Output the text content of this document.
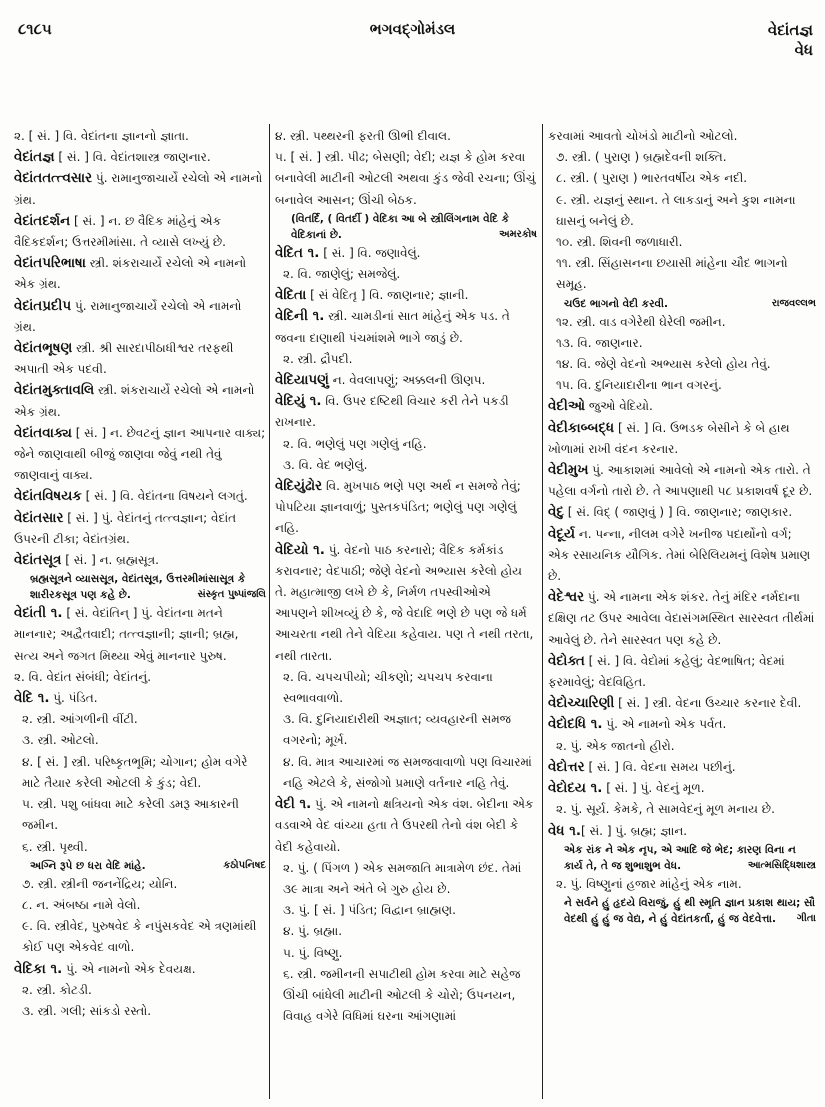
૮૧૮૫	ભગવદ્ગોમંડલ	વેદાંતજ્ઞ
વેધ
૨. [ સં. ] વિ. વેદાંતના જ્ઞાનનો જ્ઞાતા.
વેદાંતજ્ઞ [ સં. ] વિ. વેદાંતશાસ્ત્ર જાણનાર.
વેદાંતતત્ત્વસાર પું. રામાનુજાચાર્યે રચેલો એ નામનો ગ્રંથ.
વેદાંતદર્શન [ સં. ] ન. છ વૈદિક માંહેનું એક વૈદિકદર્શન; ઉત્તરમીમાંસા. તે વ્યાસે લખ્યું છે.
વેદાંતપરિભાષા સ્ત્રી. શંકરાચાર્યે રચેલો એ નામનો એક ગ્રંથ.
વેદાંતપ્રદીપ પું. રામાનુજાચાર્યે રચેલો એ નામનો ગ્રંથ.
વેદાંતભૂષણ સ્ત્રી. શ્રી સારદાપીઠાધીશ્વર તરફથી અપાતી એક પદવી.
વેદાંતમુક્તાવલિ સ્ત્રી. શંકરાચાર્યે રચેલો એ નામનો એક ગ્રંથ.
વેદાંતવાક્ય [ સં. ] ન. છેવટનું જ્ઞાન આપનાર વાક્ય; જેને જાણવાથી બીજું જાણવા જેવું નથી તેવું જાણવાનું વાક્ય.
વેદાંતવિષયક [ સં. ] વિ. વેદાંતના વિષયને લગતું.
વેદાંતસાર [ સં. ] પું. વેદાંતનું તત્ત્વજ્ઞાન; વેદાંત ઉપરની ટીકા; વેદાંતગ્રંથ.
વેદાંતસૂત્ર [ સં. ] ન. બ્રહ્મસૂત્ર.
બ્રહ્મસૂત્રને વ્યાસસૂત્ર, વેદાંતસૂત્ર, ઉત્તરમીમાંસાસૂત્ર કે શારીરકસૂત્ર પણ કહે છે.	સંસ્કૃત પુષ્પાંજલિ
વેદાંતી ૧. [ સં. વેદાંતિન્ ] પું. વેદાંતના મતને માનનાર; અદ્વૈતવાદી; તત્ત્વજ્ઞાની; જ્ઞાની; બ્રહ્મ, સત્ય અને જગત મિથ્યા એવું માનનાર પુરુષ.
૨. વિ. વેદાંત સંબંધી; વેદાંતનું.
વેદિ ૧. પું. પંડિત.
૨. સ્ત્રી. આંગળીની વીંટી.
૩. સ્ત્રી. ઓટલો.
૪. [ સં. ] સ્ત્રી. પરિષ્કૃતભૂમિ; ચોગાન; હોમ વગેરે માટે તૈયાર કરેલી ઓટલી કે કુંડ; વેદી.
૫. સ્ત્રી. પશુ બાંધવા માટે કરેલી ડમરૂ આકારની જમીન.
૬. સ્ત્રી. પૃથ્વી.
અગ્નિ રૂપે છ ધરા વેદિ માંહે.	કઠોપનિષદ
૭. સ્ત્રી. સ્ત્રીની જનનેંદ્રિય; યોનિ.
૮. ન. અંબષ્ઠા નામે વેલો.
૯. વિ. સ્ત્રીવેદ, પુરુષવેદ કે નપુંસકવેદ એ ત્રણમાંથી કોઈ પણ એકવેદ વાળો.
વેદિકા ૧. પું. એ નામનો એક દેવયક્ષ.
૨. સ્ત્રી. કોટડી.
૩. સ્ત્રી. ગલી; સાંકડો રસ્તો.
૪. સ્ત્રી. પથ્થરની ફરતી ઊભી દીવાલ.
૫. [ સં. ] સ્ત્રી. પીઢ; બેસણી; વેદી; યજ્ઞ કે હોમ કરવા બનાવેલી માટીની ઓટલી અથવા કુંડ જેવી રચના; ઊંચું બનાવેલ આસન; ઊંચી બેઠક.
(વિતર્દિ, ( વિતર્દી ) વેદિકા આ બે સ્ત્રીલિંગનામ વેદિ કે વેદિકાનાં છે.	અમરકોષ
વેદિત ૧. [ સં. ] વિ. જણાવેલું.
૨. વિ. જાણેલું; સમજેલું.
વેદિતા [ સં વેદિતૃ ] વિ. જાણનાર; જ્ઞાની.
વેદિની ૧. સ્ત્રી. ચામડીનાં સાત માંહેનું એક પડ. તે જવના દાણાથી પંચમાંશમે ભાગે જાડું છે.
૨. સ્ત્રી. દ્રૌપદી.
વેદિયાપણું ન. વેવલાપણું; અક્કલની ઊણપ.
વેદિયું ૧. વિ. ઉપર દષ્ટિથી વિચાર કરી તેને પકડી રાખનાર.
૨. વિ. ભણેલું પણ ગણેલું નહિ.
૩. વિ. વેદ ભણેલું.
વેદિયુંઢોર વિ. મુખપાઠ ભણે પણ અર્થ ન સમજે તેવું; પોપટિયા જ્ઞાનવાળું; પુસ્તકપંડિત; ભણેલું પણ ગણેલું નહિ.
વેદિયો ૧. પું. વેદનો પાઠ કરનારો; વૈદિક કર્મકાંડ કરાવનાર; વેદપાઠી; જેણે વેદનો અભ્યાસ કરેલો હોય તે. મહાત્માજી લખે છે કે, નિર્મળ તપસ્વીઓએ આપણને શીખવ્યું છે કે, જે વેદાદિ ભણે છે પણ જે ધર્મ આચરતા નથી તેને વેદિયા કહેવાય. પણ તે નથી તરતા, નથી તારતા.
૨. વિ. ચપચપીયો; ચીકણો; ચપચપ કરવાના સ્વભાવવાળો.
૩. વિ. દુનિયાદારીથી અજ્ઞાત; વ્યવહારની સમજ વગરનો; મૂર્ખ.
૪. વિ. માત્ર આચારમાં જ સમજવાવાળો પણ વિચારમાં નહિ એટલે કે, સંજોગો પ્રમાણે વર્તનાર નહિ તેવું.
વેદી ૧. પું. એ નામનો ક્ષત્રિયનો એક વંશ. બેદીના એક વડવાએ વેદ વાંચ્યા હતા તે ઉપરથી તેનો વંશ બેદી કે વેદી કહેવાયો.
૨. પું. ( પિંગળ ) એક સમજાતિ માત્રામેળ છંદ. તેમાં ૩૯ માત્રા અને અંતે બે ગુરુ હોય છે.
૩. પું. [ સં. ] પંડિત; વિદ્વાન બ્રાહ્મણ.
૪. પું. બ્રહ્મા.
૫. પું. વિષ્ણુ.
૬. સ્ત્રી. જમીનની સપાટીથી હોમ કરવા માટે સહેજ ઊંચી બાંધેલી માટીની ઓટલી કે ચોરો; ઉપનયન, વિવાહ વગેરે વિધિમાં ઘરના આંગણામાં
કરવામાં આવતો ચોખંડો માટીનો ઓટલો.
૭. સ્ત્રી. ( પુરાણ ) બ્રહ્મદેવની શક્તિ.
૮. સ્ત્રી. ( પુરાણ ) ભારતવર્ષીય એક નદી.
૯. સ્ત્રી. યજ્ઞનું સ્થાન. તે લાકડાનું અને કુશ નામના ઘાસનું બનેલું છે.
૧૦. સ્ત્રી. શિવની જળાધારી.
૧૧. સ્ત્રી. સિંહાસનના છયાસી માંહેના ચૌદ ભાગનો સમૂહ.
ચઉદ ભાગનો વેદી કરવી.	રાજવલ્લભ
૧૨. સ્ત્રી. વાડ વગેરેથી ઘેરેલી જમીન.
૧૩. વિ. જાણનાર.
૧૪. વિ. જેણે વેદનો અભ્યાસ કરેલો હોય તેવું.
૧૫. વિ. દુનિયાદારીના ભાન વગરનું.
વેદીઓ જુઓ વેદિયો.
વેદીકાબ્બદ્ધ [ સં. ] વિ. ઉભડક બેસીને કે બે હાથ ખોળામાં રાખી વંદન કરનાર.
વેદીમુખ પું. આકાશમાં આવેલો એ નામનો એક તારો. તે પહેલા વર્ગનો તારો છે. તે આપણાથી ૫૮ પ્રકાશવર્ષ દૂર છે.
વેદુ [ સં. વિદ્ ( જાણવું ) ] વિ. જાણનાર; જાણકાર.
વેદૂર્ય ન. પન્ના, નીલમ વગેરે ખનીજ પદાર્થોનો વર્ગ; એક રસાયનિક યૌગિક. તેમાં બેરિલિયમનું વિશેષ પ્રમાણ છે.
વેદેશ્વર પું. એ નામના એક શંકર. તેનું મંદિર નર્મદાના દક્ષિણ તટ ઉપર આવેલા વેદાસંગમસ્થિત સારસ્વત તીર્થમાં આવેલું છે. તેને સારસ્વત પણ કહે છે.
વેદોક્ત [ સં. ] વિ. વેદોમાં કહેલું; વેદભાષિત; વેદમાં ફરમાવેલું; વેદવિહિત.
વેદોચ્ચારિણી [ સં. ] સ્ત્રી. વેદના ઉચ્ચાર કરનાર દેવી.
વેદોદધિ ૧. પું. એ નામનો એક પર્વત.
૨. પું. એક જાતનો હીરો.
વેદોત્તર [ સં. ] વિ. વેદના સમય પછીનું.
વેદોદય ૧. [ સં. ] પું. વેદનું મૂળ.
૨. પું. સૂર્ય. કેમકે, તે સામવેદનું મૂળ મનાય છે.
વેધ ૧.[ સં. ] પું. બ્રહ્મ; જ્ઞાન.
એક રાંક ને એક નૃપ, એ આદિ જે ભેદ; કારણ વિના ન કાર્ય તે, તે જ શુભાશુભ વેધ.	આત્મસિદ્ધિશાસ્ત્ર
૨. પું. વિષ્ણુનાં હજાર માંહેનું એક નામ.
ને સર્વને હું હૃદયે વિરાજું, હું થી સ્મૃતિ જ્ઞાન પ્રકાશ થાય; સૌ વેદથી હું હું જ વેદ્ય, ને હું વેદાંતકર્તા, હું જ વેદવેત્તા. ગીતા
